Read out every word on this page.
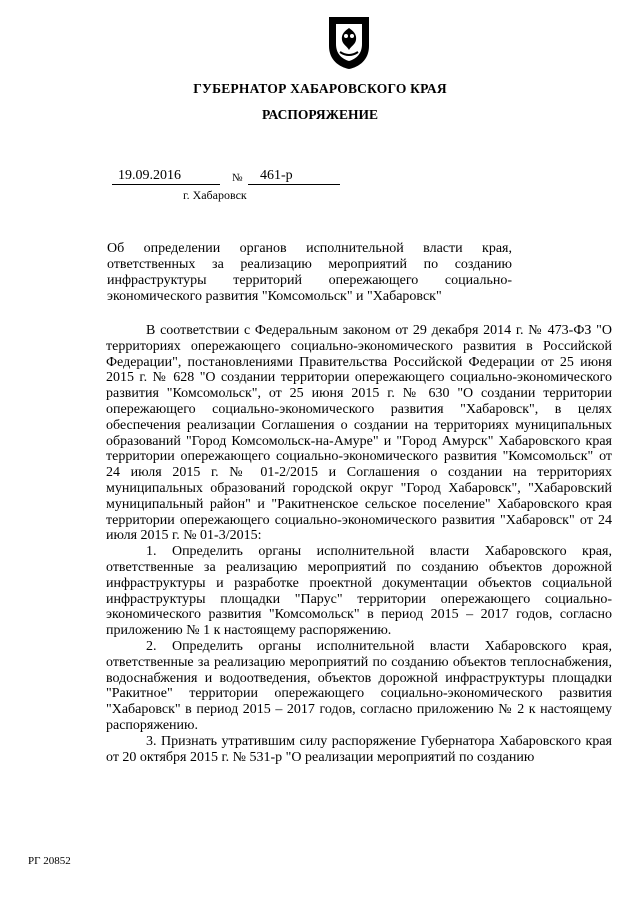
ГУБЕРНАТОР ХАБАРОВСКОГО КРАЯ
РАСПОРЯЖЕНИЕ
19.09.2016	№	461-р
г. Хабаровск
Об определении органов исполнительной власти края, ответственных за реализацию мероприятий по созданию инфраструктуры территорий опережающего социально-экономического развития "Комсомольск" и "Хабаровск"

В соответствии с Федеральным законом от 29 декабря 2014 г. № 473-ФЗ "О территориях опережающего социально-экономического развития в Российской Федерации", постановлениями Правительства Российской Федерации от 25 июня 2015 г. № 628 "О создании территории опережающего социально-экономического развития "Комсомольск", от 25 июня 2015 г. № 630 "О создании территории опережающего социально-экономического развития "Хабаровск", в целях обеспечения реализации Соглашения о создании на территориях муниципальных образований "Город Комсомольск-на-Амуре" и "Город Амурск" Хабаровского края территории опережающего социально-экономического развития "Комсомольск" от 24 июля 2015 г. № 01-2/2015 и Соглашения о создании на территориях муниципальных образований городской округ "Город Хабаровск", "Хабаровский муниципальный район" и "Ракитненское сельское поселение" Хабаровского края территории опережающего социально-экономического развития "Хабаровск" от 24 июля 2015 г. № 01-3/2015:

1. Определить органы исполнительной власти Хабаровского края, ответственные за реализацию мероприятий по созданию объектов дорожной инфраструктуры и разработке проектной документации объектов социальной инфраструктуры площадки "Парус" территории опережающего социально-экономического развития "Комсомольск" в период 2015 – 2017 годов, согласно приложению № 1 к настоящему распоряжению.

2. Определить органы исполнительной власти Хабаровского края, ответственные за реализацию мероприятий по созданию объектов теплоснабжения, водоснабжения и водоотведения, объектов дорожной инфраструктуры площадки "Ракитное" территории опережающего социально-экономического развития "Хабаровск" в период 2015 – 2017 годов, согласно приложению № 2 к настоящему распоряжению.

3. Признать утратившим силу распоряжение Губернатора Хабаровского края от 20 октября 2015 г. № 531-р "О реализации мероприятий по созданию

РГ 20852
